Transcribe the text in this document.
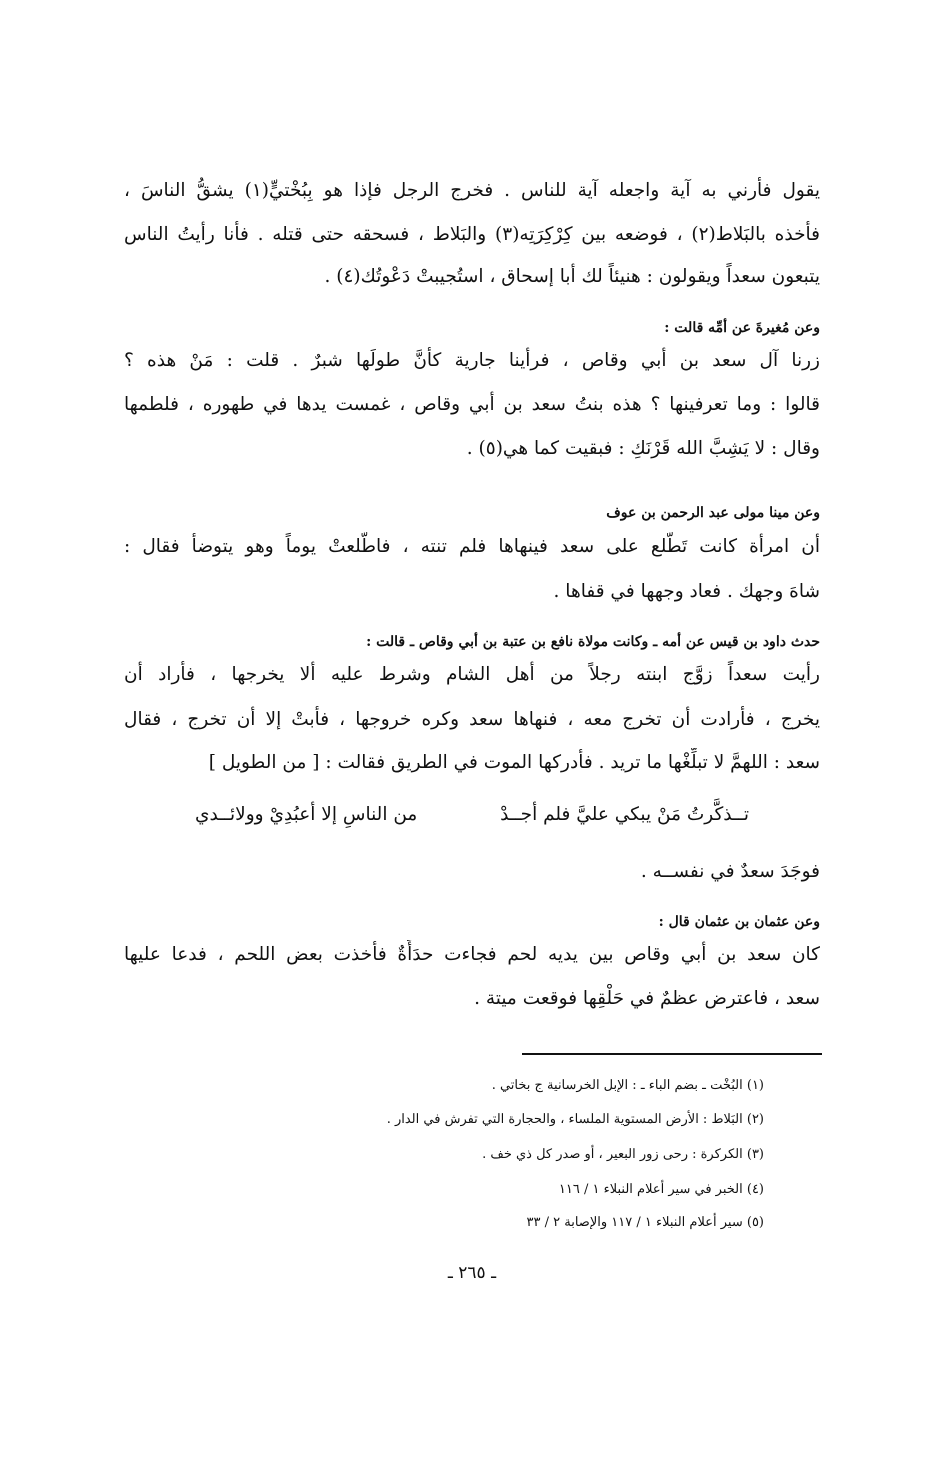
يقول فأرني به آية واجعله آية للناس . فخرج الرجل فإذا هو بِبُخْتيٍّ(١) يشقُّ الناسَ ،
فأخذه بالبَلاط(٢) ، فوضعه بين كِرْكِرَتِه(٣) والبَلاط ، فسحقه حتى قتله . فأنا رأيتُ الناس
يتبعون سعداً ويقولون : هنيئاً لك أبا إسحاق ، استُجيبتْ دَعْوتُك(٤) .
وعن مُغيرةَ عن أمِّه قالت :
زرنا آل سعد بن أبي وقاص ، فرأينا جارية كأنَّ طولَها شبرٌ . قلت : مَنْ هذه ؟
قالوا : وما تعرفينها ؟ هذه بنتُ سعد بن أبي وقاص ، غمست يدها في طهوره ، فلطمها
وقال : لا يَشِبَّ الله قَرْنَكِ : فبقيت كما هي(٥) .
وعن مينا مولى عبد الرحمن بن عوف
أن امرأة كانت تَطَّلع على سعد فينهاها فلم تنته ، فاطَّلعتْ يوماً وهو يتوضأ فقال :
شاهَ وجهك . فعاد وجهها في قفاها .
حدث داود بن قيس عن أمه ـ وكانت مولاة نافع بن عتبة بن أبي وقاص ـ قالت :
رأيت سعداً زوَّج ابنته رجلاً من أهل الشام وشرط عليه ألا يخرجها ، فأراد أن
يخرج ، فأرادت أن تخرج معه ، فنهاها سعد وكره خروجها ، فأبتْ إلا أن تخرج ، فقال
سعد : اللهمَّ لا تبلِّغْها ما تريد . فأدركها الموت في الطريق فقالت : [ من الطويل ]
تــذكَّرتُ مَنْ يبكي عليَّ فلم أجــدْ
من الناسِ إلا أعبُدِيْ وولائــدي
فوجَدَ سعدٌ في نفســه .
وعن عثمان بن عثمان قال :
كان سعد بن أبي وقاص بين يديه لحم فجاءت حدَأَةٌ فأخذت بعض اللحم ، فدعا عليها
سعد ، فاعترض عظمٌ في حَلْقِها فوقعت ميتة .
(١) البُخْت ـ بضم الباء ـ : الإبل الخرسانية ج بخاتي .
(٢) البَلاط : الأرض المستوية الملساء ، والحجارة التي تفرش في الدار .
(٣) الكركرة : رحى زور البعير ، أو صدر كل ذي خف .
(٤) الخبر في سير أعلام النبلاء ١ / ١١٦
(٥) سير أعلام النبلاء ١ / ١١٧ والإصابة ٢ / ٣٣
ـ ٢٦٥ ـ
